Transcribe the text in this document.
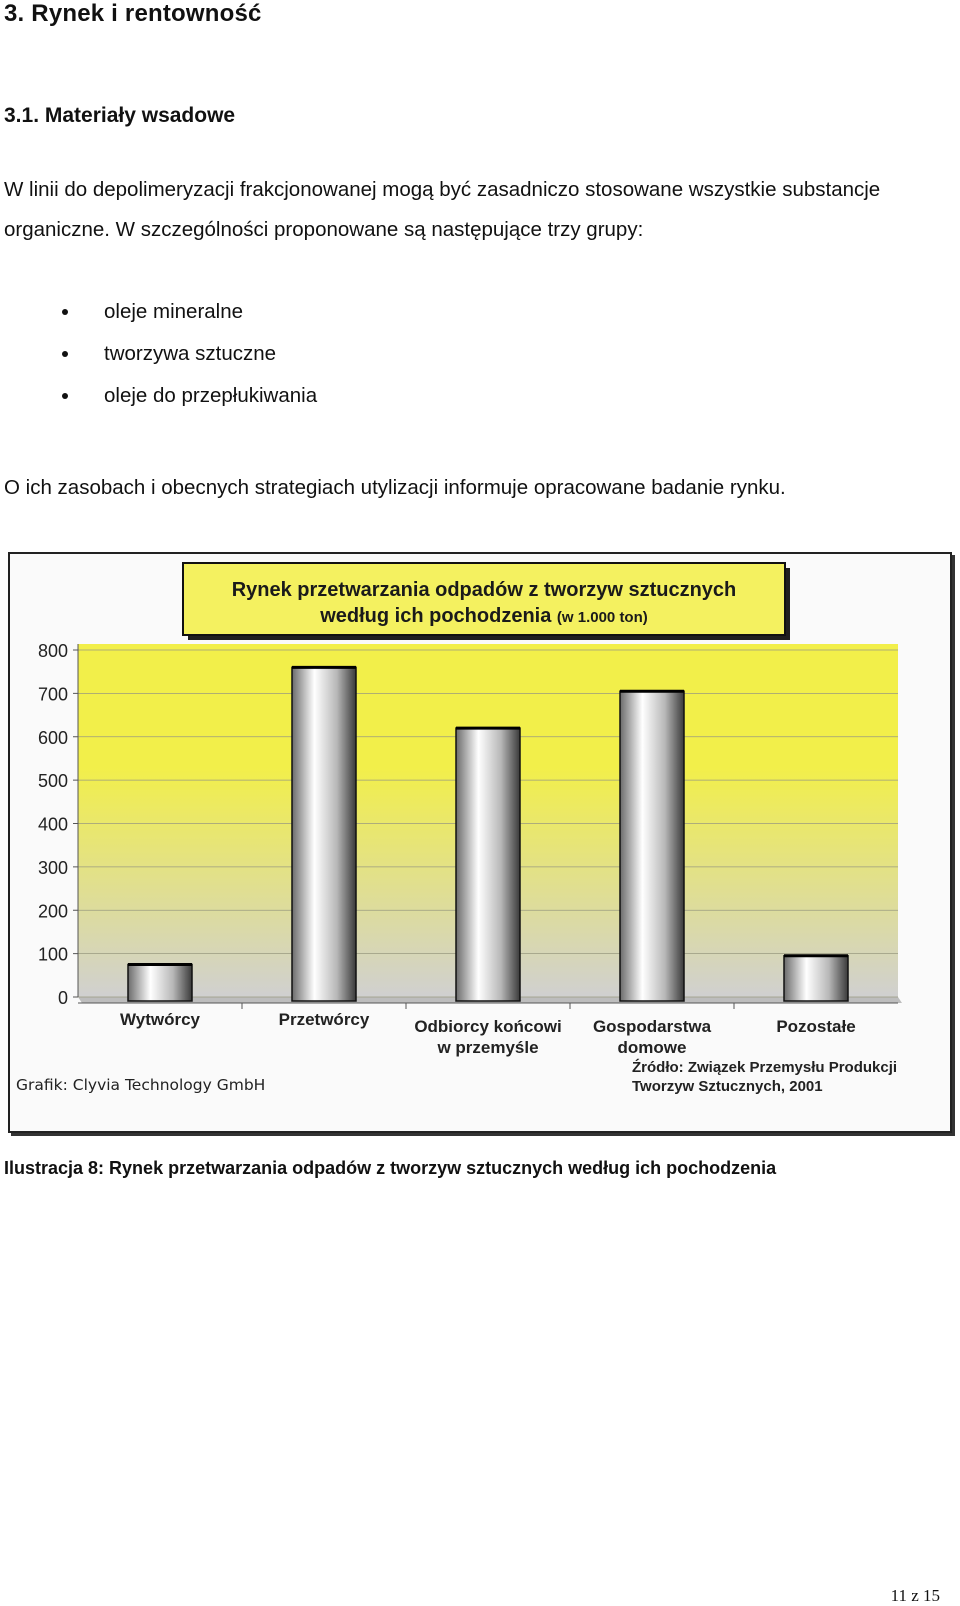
3. Rynek i rentowność
3.1. Materiały wsadowe
W linii do depolimeryzacji frakcjonowanej mogą być zasadniczo stosowane wszystkie substancje organiczne. W szczególności proponowane są następujące trzy grupy:
oleje mineralne
tworzywa sztuczne
oleje do przepłukiwania
O ich zasobach i obecnych strategiach utylizacji informuje opracowane badanie rynku.
0
100
200
300
400
500
600
700
800
Wytwórcy	Przetwórcy	Odbiorcy końcowi
w przemyśle
Gospodarstwa
domowe
Pozostałe
Rynek przetwarzania odpadów z tworzyw sztucznych
według ich pochodzenia (w 1.000 ton)
Grafik: Clyvia Technology GmbH
Źródło: Związek Przemysłu Produkcji
Tworzyw Sztucznych, 2001
Ilustracja 8: Rynek przetwarzania odpadów z tworzyw sztucznych według ich pochodzenia
11 z 15
